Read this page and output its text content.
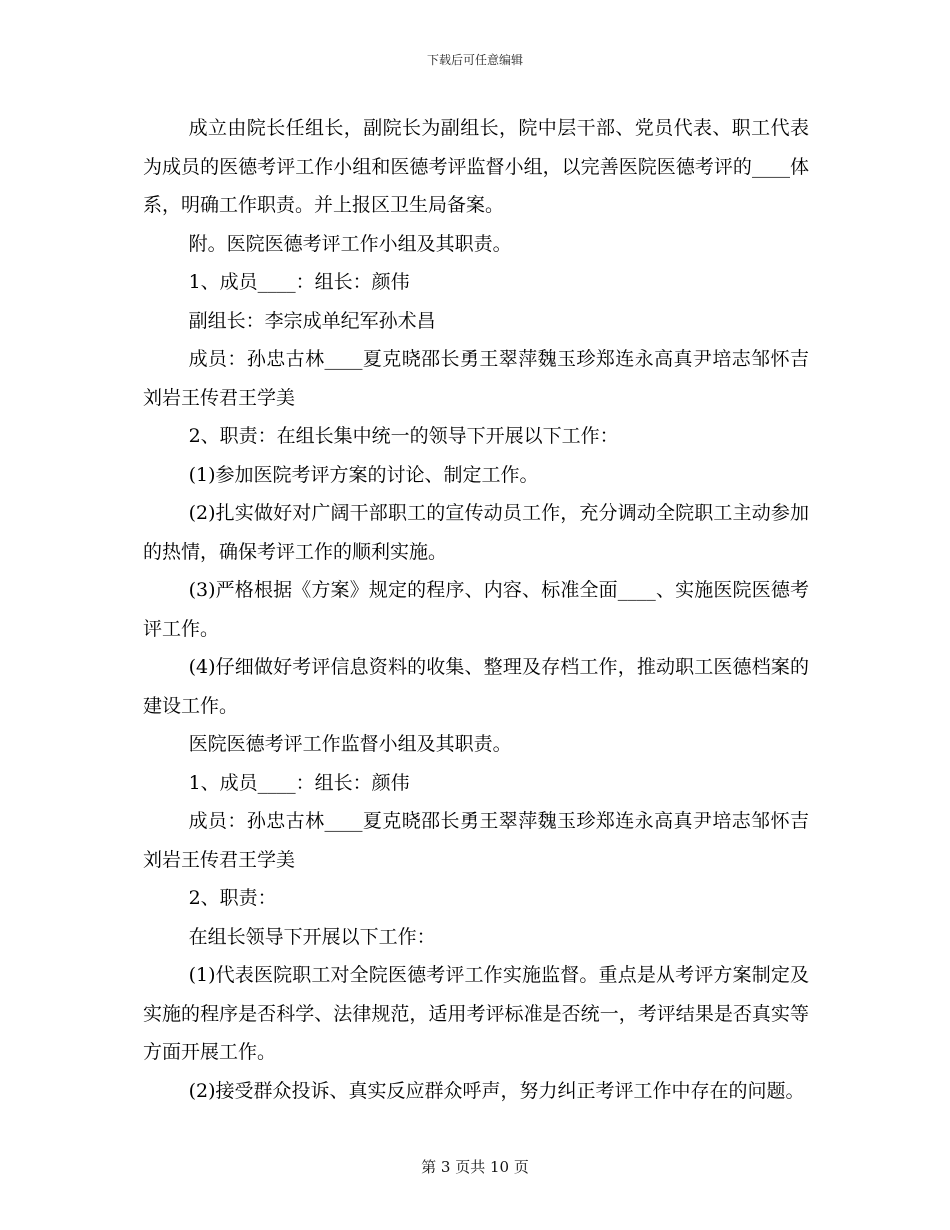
下载后可任意编辑

成立由院长任组长，副院长为副组长，院中层干部、党员代表、职工代表为成员的医德考评工作小组和医德考评监督小组，以完善医院医德考评的____体系，明确工作职责。并上报区卫生局备案。

附。医院医德考评工作小组及其职责。

1、成员____：组长：颜伟

副组长：李宗成单纪军孙术昌

成员：孙忠古林____夏克晓邵长勇王翠萍魏玉珍郑连永高真尹培志邹怀吉刘岩王传君王学美

2、职责：在组长集中统一的领导下开展以下工作：

(1)参加医院考评方案的讨论、制定工作。

(2)扎实做好对广阔干部职工的宣传动员工作，充分调动全院职工主动参加的热情，确保考评工作的顺利实施。

(3)严格根据《方案》规定的程序、内容、标准全面____、实施医院医德考评工作。

(4)仔细做好考评信息资料的收集、整理及存档工作，推动职工医德档案的建设工作。

医院医德考评工作监督小组及其职责。

1、成员____：组长：颜伟

成员：孙忠古林____夏克晓邵长勇王翠萍魏玉珍郑连永高真尹培志邹怀吉刘岩王传君王学美

2、职责：

在组长领导下开展以下工作：

(1)代表医院职工对全院医德考评工作实施监督。重点是从考评方案制定及实施的程序是否科学、法律规范，适用考评标准是否统一，考评结果是否真实等方面开展工作。

(2)接受群众投诉、真实反应群众呼声，努力纠正考评工作中存在的问题。

第 3 页共 10 页
